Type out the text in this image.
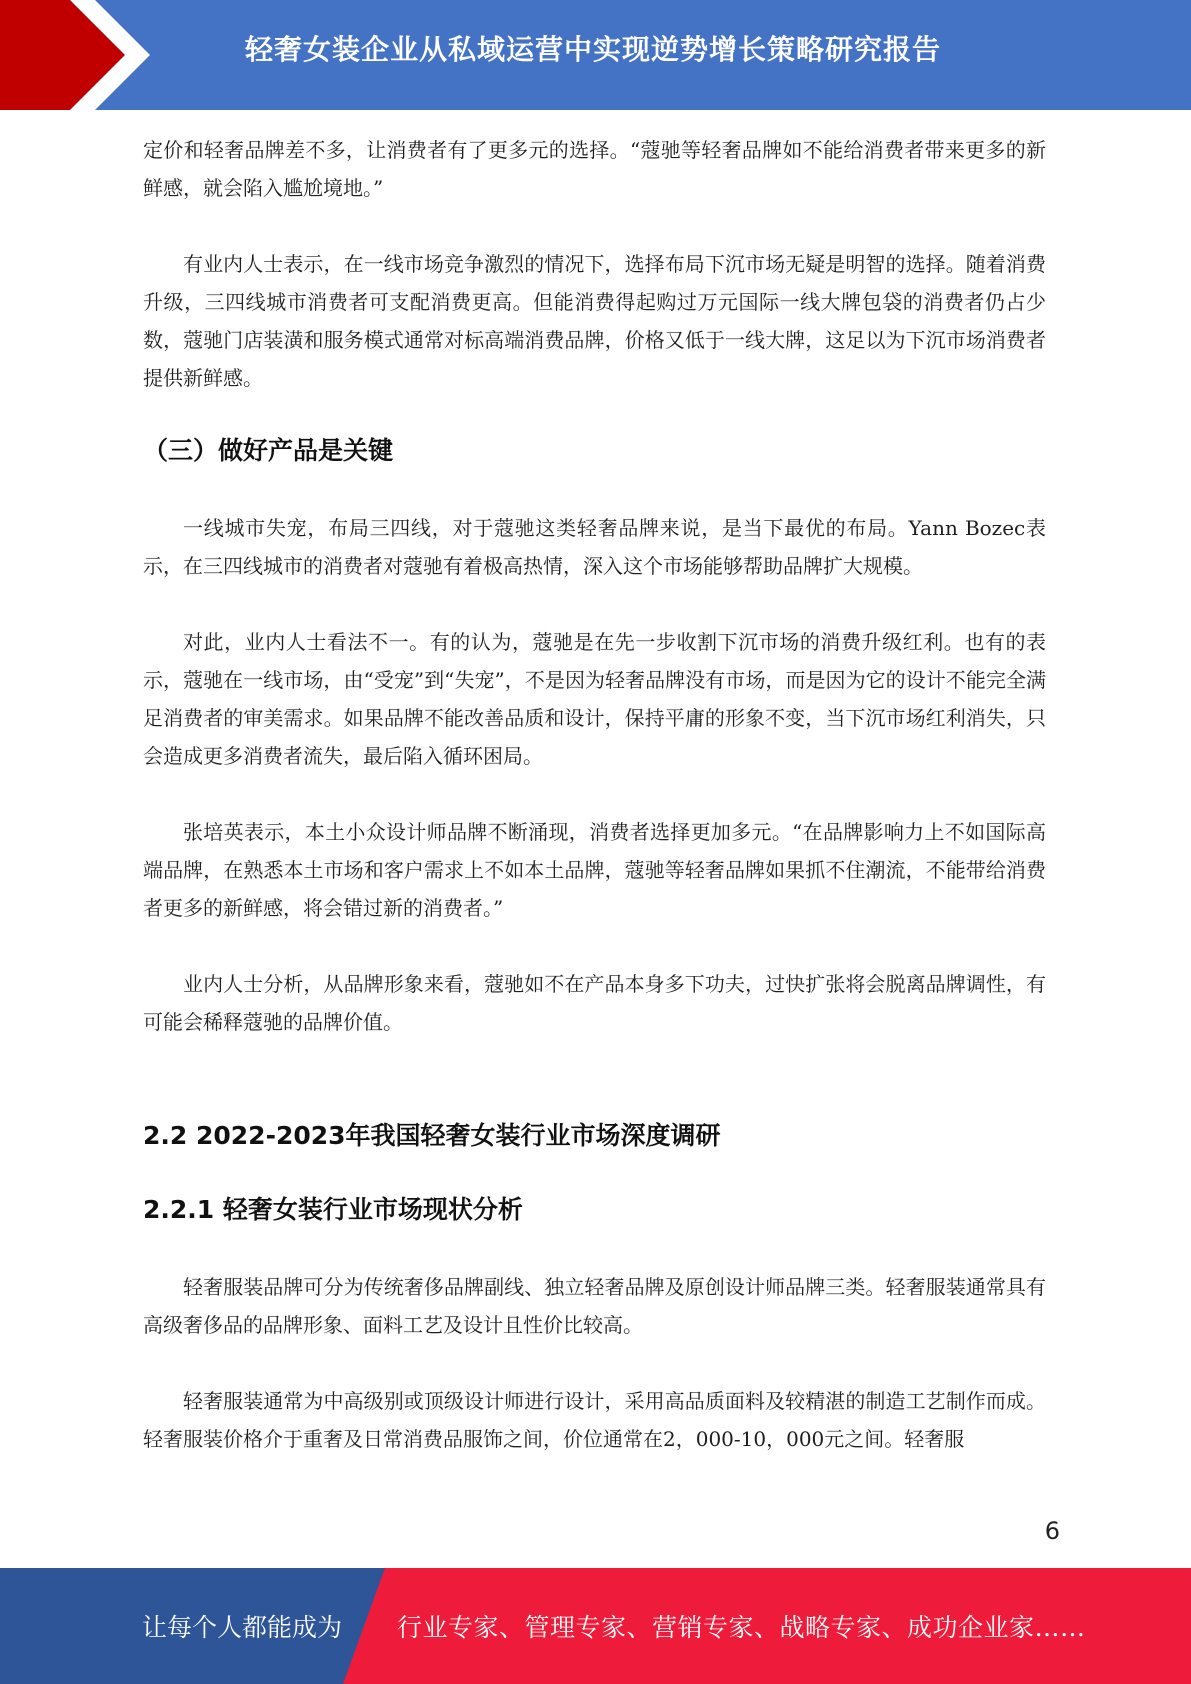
轻奢女装企业从私域运营中实现逆势增长策略研究报告

定价和轻奢品牌差不多，让消费者有了更多元的选择。“蔻驰等轻奢品牌如不能给消费者带来更多的新鲜感，就会陷入尴尬境地。”

有业内人士表示，在一线市场竞争激烈的情况下，选择布局下沉市场无疑是明智的选择。随着消费升级，三四线城市消费者可支配消费更高。但能消费得起购过万元国际一线大牌包袋的消费者仍占少数，蔻驰门店装潢和服务模式通常对标高端消费品牌，价格又低于一线大牌，这足以为下沉市场消费者提供新鲜感。

（三）做好产品是关键

一线城市失宠，布局三四线，对于蔻驰这类轻奢品牌来说，是当下最优的布局。Yann Bozec表示，在三四线城市的消费者对蔻驰有着极高热情，深入这个市场能够帮助品牌扩大规模。

对此，业内人士看法不一。有的认为，蔻驰是在先一步收割下沉市场的消费升级红利。也有的表示，蔻驰在一线市场，由“受宠”到“失宠”，不是因为轻奢品牌没有市场，而是因为它的设计不能完全满足消费者的审美需求。如果品牌不能改善品质和设计，保持平庸的形象不变，当下沉市场红利消失，只会造成更多消费者流失，最后陷入循环困局。

张培英表示，本土小众设计师品牌不断涌现，消费者选择更加多元。“在品牌影响力上不如国际高端品牌，在熟悉本土市场和客户需求上不如本土品牌，蔻驰等轻奢品牌如果抓不住潮流，不能带给消费者更多的新鲜感，将会错过新的消费者。”

业内人士分析，从品牌形象来看，蔻驰如不在产品本身多下功夫，过快扩张将会脱离品牌调性，有可能会稀释蔻驰的品牌价值。

2.2 2022-2023年我国轻奢女装行业市场深度调研
2.2.1 轻奢女装行业市场现状分析

轻奢服装品牌可分为传统奢侈品牌副线、独立轻奢品牌及原创设计师品牌三类。轻奢服装通常具有高级奢侈品的品牌形象、面料工艺及设计且性价比较高。

轻奢服装通常为中高级别或顶级设计师进行设计，采用高品质面料及较精湛的制造工艺制作而成。轻奢服装价格介于重奢及日常消费品服饰之间，价位通常在2，000-10，000元之间。轻奢服

6
让每个人都能成为 行业专家、管理专家、营销专家、战略专家、成功企业家……
